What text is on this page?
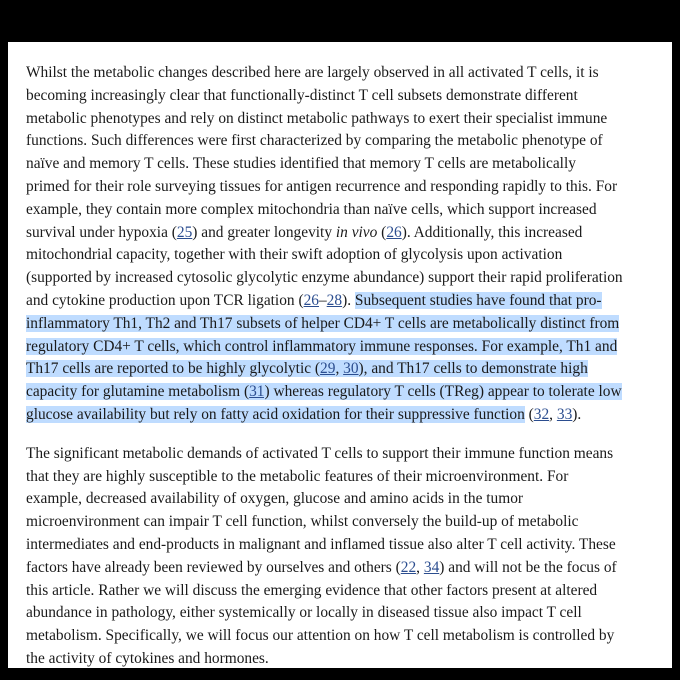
Whilst the metabolic changes described here are largely observed in all activated T cells, it is
becoming increasingly clear that functionally-distinct T cell subsets demonstrate different
metabolic phenotypes and rely on distinct metabolic pathways to exert their specialist immune
functions. Such differences were first characterized by comparing the metabolic phenotype of
naïve and memory T cells. These studies identified that memory T cells are metabolically
primed for their role surveying tissues for antigen recurrence and responding rapidly to this. For
example, they contain more complex mitochondria than naïve cells, which support increased
survival under hypoxia (25) and greater longevity in vivo (26). Additionally, this increased
mitochondrial capacity, together with their swift adoption of glycolysis upon activation
(supported by increased cytosolic glycolytic enzyme abundance) support their rapid proliferation
and cytokine production upon TCR ligation (26–28). Subsequent studies have found that pro-
inflammatory Th1, Th2 and Th17 subsets of helper CD4+ T cells are metabolically distinct from
regulatory CD4+ T cells, which control inflammatory immune responses. For example, Th1 and
Th17 cells are reported to be highly glycolytic (29, 30), and Th17 cells to demonstrate high
capacity for glutamine metabolism (31) whereas regulatory T cells (TReg) appear to tolerate low
glucose availability but rely on fatty acid oxidation for their suppressive function (32, 33).

The significant metabolic demands of activated T cells to support their immune function means
that they are highly susceptible to the metabolic features of their microenvironment. For
example, decreased availability of oxygen, glucose and amino acids in the tumor
microenvironment can impair T cell function, whilst conversely the build-up of metabolic
intermediates and end-products in malignant and inflamed tissue also alter T cell activity. These
factors have already been reviewed by ourselves and others (22, 34) and will not be the focus of
this article. Rather we will discuss the emerging evidence that other factors present at altered
abundance in pathology, either systemically or locally in diseased tissue also impact T cell
metabolism. Specifically, we will focus our attention on how T cell metabolism is controlled by
the activity of cytokines and hormones.
